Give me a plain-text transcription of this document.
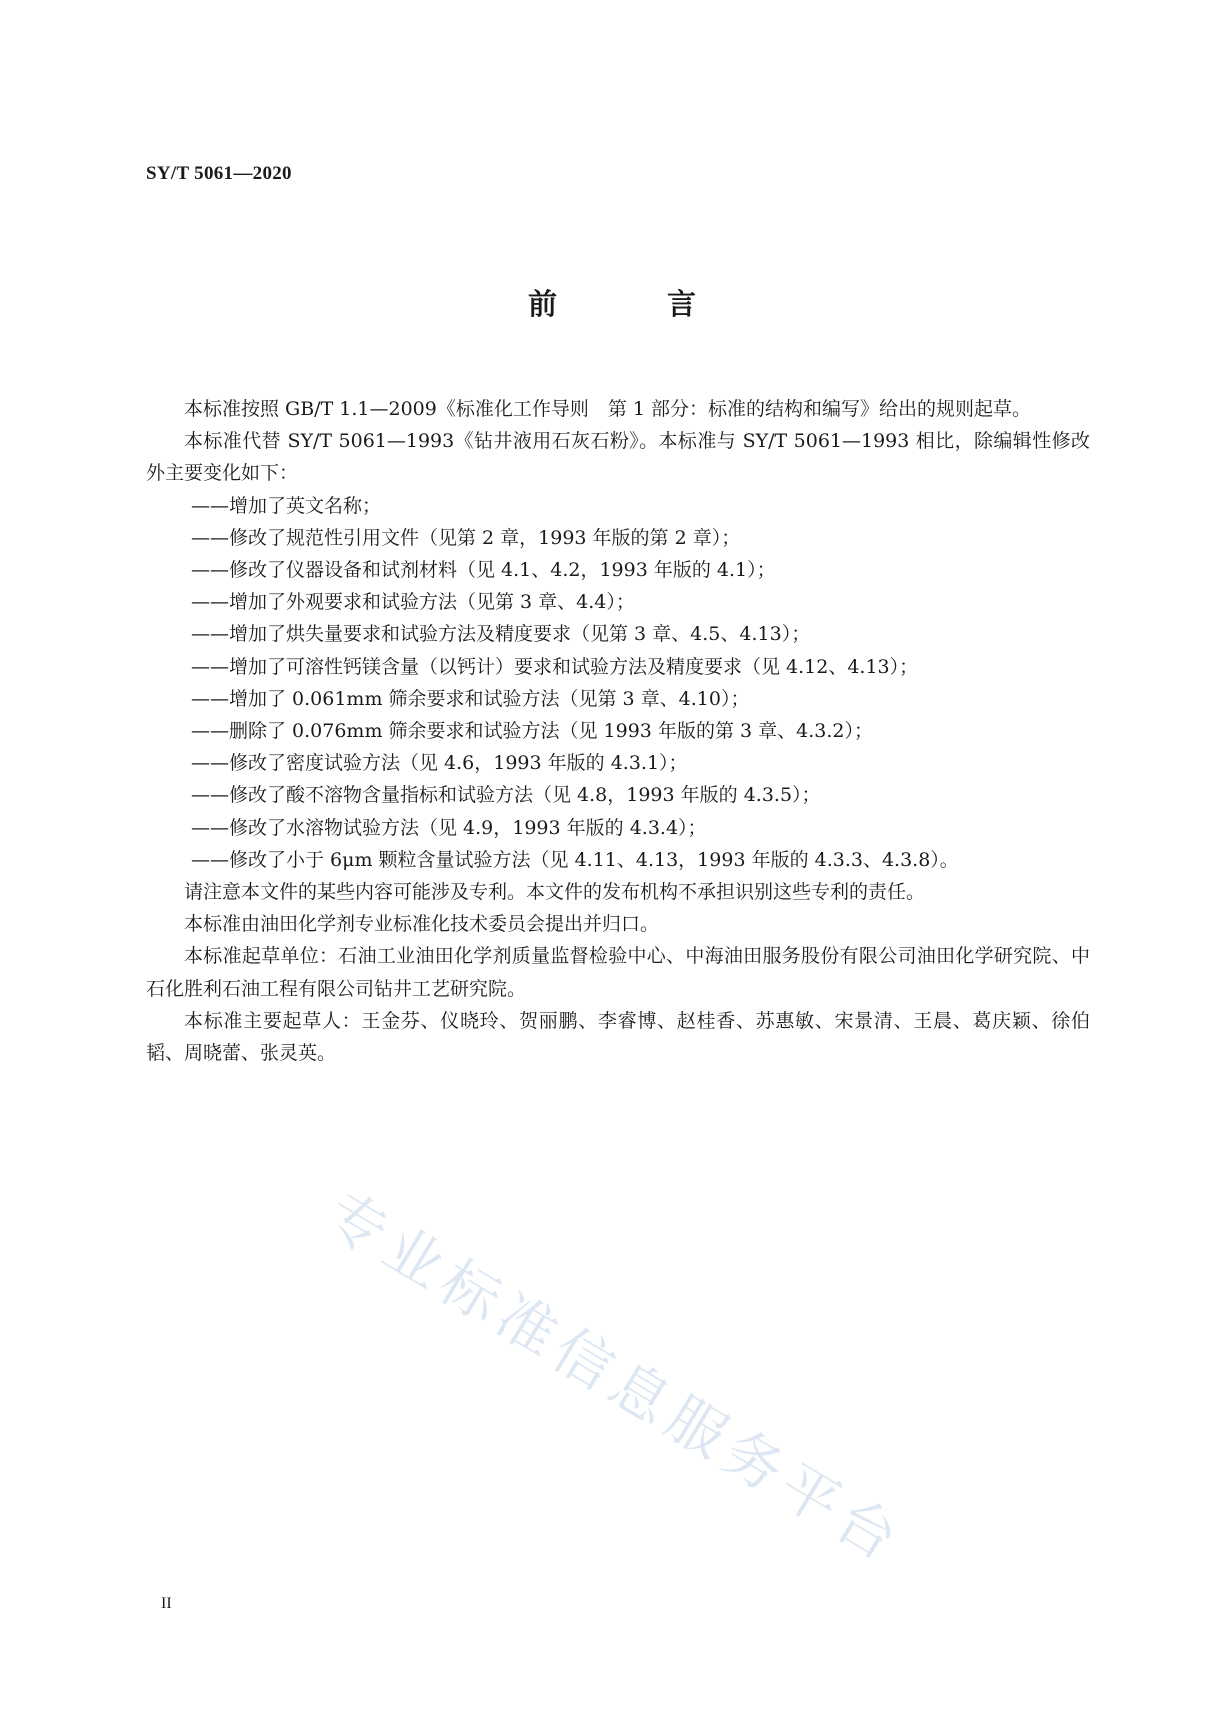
SY/T 5061—2020
前 言

本标准按照 GB/T 1.1—2009《标准化工作导则　第 1 部分：标准的结构和编写》给出的规则起草。

本标准代替 SY/T 5061—1993《钻井液用石灰石粉》。本标准与 SY/T 5061—1993 相比，除编辑性修改外主要变化如下：

——增加了英文名称；

——修改了规范性引用文件（见第 2 章，1993 年版的第 2 章）；

——修改了仪器设备和试剂材料（见 4.1、4.2，1993 年版的 4.1）；

——增加了外观要求和试验方法（见第 3 章、4.4）；

——增加了烘失量要求和试验方法及精度要求（见第 3 章、4.5、4.13）；

——增加了可溶性钙镁含量（以钙计）要求和试验方法及精度要求（见 4.12、4.13）；

——增加了 0.061mm 筛余要求和试验方法（见第 3 章、4.10）；

——删除了 0.076mm 筛余要求和试验方法（见 1993 年版的第 3 章、4.3.2）；

——修改了密度试验方法（见 4.6，1993 年版的 4.3.1）；

——修改了酸不溶物含量指标和试验方法（见 4.8，1993 年版的 4.3.5）；

——修改了水溶物试验方法（见 4.9，1993 年版的 4.3.4）；

——修改了小于 6μm 颗粒含量试验方法（见 4.11、4.13，1993 年版的 4.3.3、4.3.8）。

请注意本文件的某些内容可能涉及专利。本文件的发布机构不承担识别这些专利的责任。

本标准由油田化学剂专业标准化技术委员会提出并归口。

本标准起草单位：石油工业油田化学剂质量监督检验中心、中海油田服务股份有限公司油田化学研究院、中石化胜利石油工程有限公司钻井工艺研究院。

本标准主要起草人：王金芬、仪晓玲、贺丽鹏、李睿博、赵桂香、苏惠敏、宋景清、王晨、葛庆颖、徐伯韬、周晓蕾、张灵英。

专业标准信息服务平台
II
